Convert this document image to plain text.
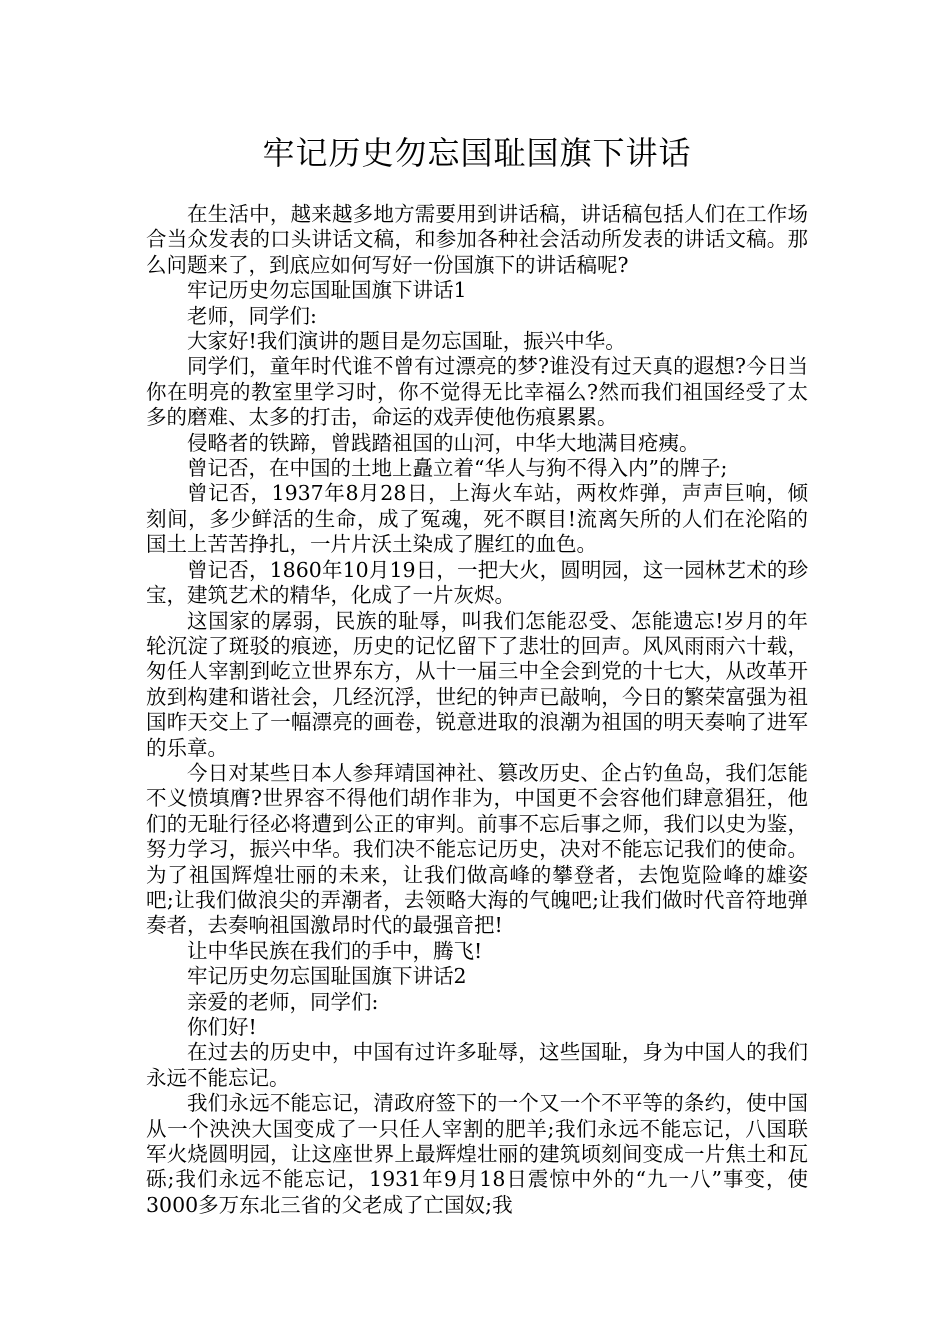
牢记历史勿忘国耻国旗下讲话

在生活中，越来越多地方需要用到讲话稿，讲话稿包括人们在工作场合当众发表的口头讲话文稿，和参加各种社会活动所发表的讲话文稿。那么问题来了，到底应如何写好一份国旗下的讲话稿呢?

牢记历史勿忘国耻国旗下讲话1

老师，同学们:

大家好!我们演讲的题目是勿忘国耻，振兴中华。

同学们，童年时代谁不曾有过漂亮的梦?谁没有过天真的遐想?今日当你在明亮的教室里学习时，你不觉得无比幸福么?然而我们祖国经受了太多的磨难、太多的打击，命运的戏弄使他伤痕累累。

侵略者的铁蹄，曾践踏祖国的山河，中华大地满目疮痍。

曾记否，在中国的土地上矗立着“华人与狗不得入内”的牌子;

曾记否，1937年8月28日，上海火车站，两枚炸弹，声声巨响，倾刻间，多少鲜活的生命，成了冤魂，死不瞑目!流离矢所的人们在沦陷的国土上苦苦挣扎，一片片沃土染成了腥红的血色。

曾记否，1860年10月19日，一把大火，圆明园，这一园林艺术的珍宝，建筑艺术的精华，化成了一片灰烬。

这国家的孱弱，民族的耻辱，叫我们怎能忍受、怎能遗忘!岁月的年轮沉淀了斑驳的痕迹，历史的记忆留下了悲壮的回声。风风雨雨六十载，匆任人宰割到屹立世界东方，从十一届三中全会到党的十七大，从改革开放到构建和谐社会，几经沉浮，世纪的钟声已敲响，今日的繁荣富强为祖国昨天交上了一幅漂亮的画卷，锐意进取的浪潮为祖国的明天奏响了进军的乐章。

今日对某些日本人参拜靖国神社、篡改历史、企占钓鱼岛，我们怎能不义愤填膺?世界容不得他们胡作非为，中国更不会容他们肆意猖狂，他们的无耻行径必将遭到公正的审判。前事不忘后事之师，我们以史为鉴，努力学习，振兴中华。我们决不能忘记历史，决对不能忘记我们的使命。为了祖国辉煌壮丽的未来，让我们做高峰的攀登者，去饱览险峰的雄姿吧;让我们做浪尖的弄潮者，去领略大海的气魄吧;让我们做时代音符地弹奏者，去奏响祖国激昂时代的最强音把!

让中华民族在我们的手中，腾飞!

牢记历史勿忘国耻国旗下讲话2

亲爱的老师，同学们:

你们好!

在过去的历史中，中国有过许多耻辱，这些国耻，身为中国人的我们永远不能忘记。

我们永远不能忘记，清政府签下的一个又一个不平等的条约，使中国从一个泱泱大国变成了一只任人宰割的肥羊;我们永远不能忘记，八国联军火烧圆明园，让这座世界上最辉煌壮丽的建筑顷刻间变成一片焦土和瓦砾;我们永远不能忘记，1931年9月18日震惊中外的“九一八”事变，使3000多万东北三省的父老成了亡国奴;我
